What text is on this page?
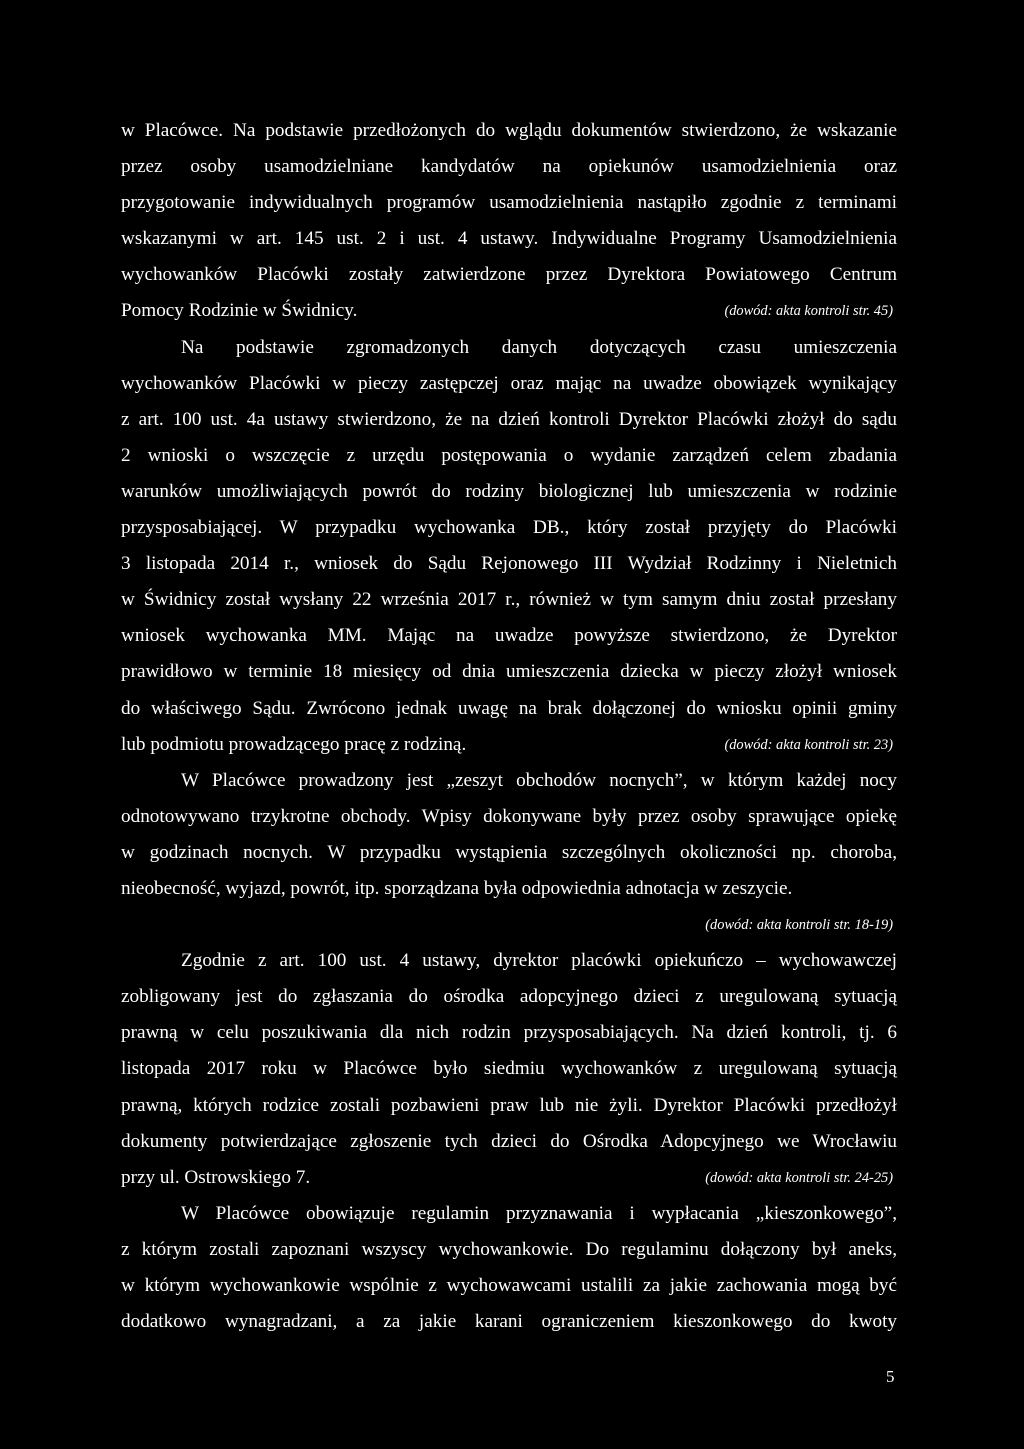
w Placówce. Na podstawie przedłożonych do wglądu dokumentów stwierdzono, że wskazanie
przez osoby usamodzielniane kandydatów na opiekunów usamodzielnienia oraz
przygotowanie indywidualnych programów usamodzielnienia nastąpiło zgodnie z terminami
wskazanymi w art. 145 ust. 2 i ust. 4 ustawy. Indywidualne Programy Usamodzielnienia
wychowanków Placówki zostały zatwierdzone przez Dyrektora Powiatowego Centrum
Pomocy Rodzinie w Świdnicy.	(dowód: akta kontroli str. 45)
Na podstawie zgromadzonych danych dotyczących czasu umieszczenia
wychowanków Placówki w pieczy zastępczej oraz mając na uwadze obowiązek wynikający
z art. 100 ust. 4a ustawy stwierdzono, że na dzień kontroli Dyrektor Placówki złożył do sądu
2 wnioski o wszczęcie z urzędu postępowania o wydanie zarządzeń celem zbadania
warunków umożliwiających powrót do rodziny biologicznej lub umieszczenia w rodzinie
przysposabiającej. W przypadku wychowanka DB., który został przyjęty do Placówki
3 listopada 2014 r., wniosek do Sądu Rejonowego III Wydział Rodzinny i Nieletnich
w Świdnicy został wysłany 22 września 2017 r., również w tym samym dniu został przesłany
wniosek wychowanka MM. Mając na uwadze powyższe stwierdzono, że Dyrektor
prawidłowo w terminie 18 miesięcy od dnia umieszczenia dziecka w pieczy złożył wniosek
do właściwego Sądu. Zwrócono jednak uwagę na brak dołączonej do wniosku opinii gminy
lub podmiotu prowadzącego pracę z rodziną.	(dowód: akta kontroli str. 23)
W Placówce prowadzony jest „zeszyt obchodów nocnych”, w którym każdej nocy
odnotowywano trzykrotne obchody. Wpisy dokonywane były przez osoby sprawujące opiekę
w godzinach nocnych. W przypadku wystąpienia szczególnych okoliczności np. choroba,
nieobecność, wyjazd, powrót, itp. sporządzana była odpowiednia adnotacja w zeszycie.
(dowód: akta kontroli str. 18-19)
Zgodnie z art. 100 ust. 4 ustawy, dyrektor placówki opiekuńczo – wychowawczej
zobligowany jest do zgłaszania do ośrodka adopcyjnego dzieci z uregulowaną sytuacją
prawną w celu poszukiwania dla nich rodzin przysposabiających. Na dzień kontroli, tj. 6
listopada 2017 roku w Placówce było siedmiu wychowanków z uregulowaną sytuacją
prawną, których rodzice zostali pozbawieni praw lub nie żyli. Dyrektor Placówki przedłożył
dokumenty potwierdzające zgłoszenie tych dzieci do Ośrodka Adopcyjnego we Wrocławiu
przy ul. Ostrowskiego 7.	(dowód: akta kontroli str. 24-25)
W Placówce obowiązuje regulamin przyznawania i wypłacania „kieszonkowego”,
z którym zostali zapoznani wszyscy wychowankowie. Do regulaminu dołączony był aneks,
w którym wychowankowie wspólnie z wychowawcami ustalili za jakie zachowania mogą być
dodatkowo wynagradzani, a za jakie karani ograniczeniem kieszonkowego do kwoty
5
